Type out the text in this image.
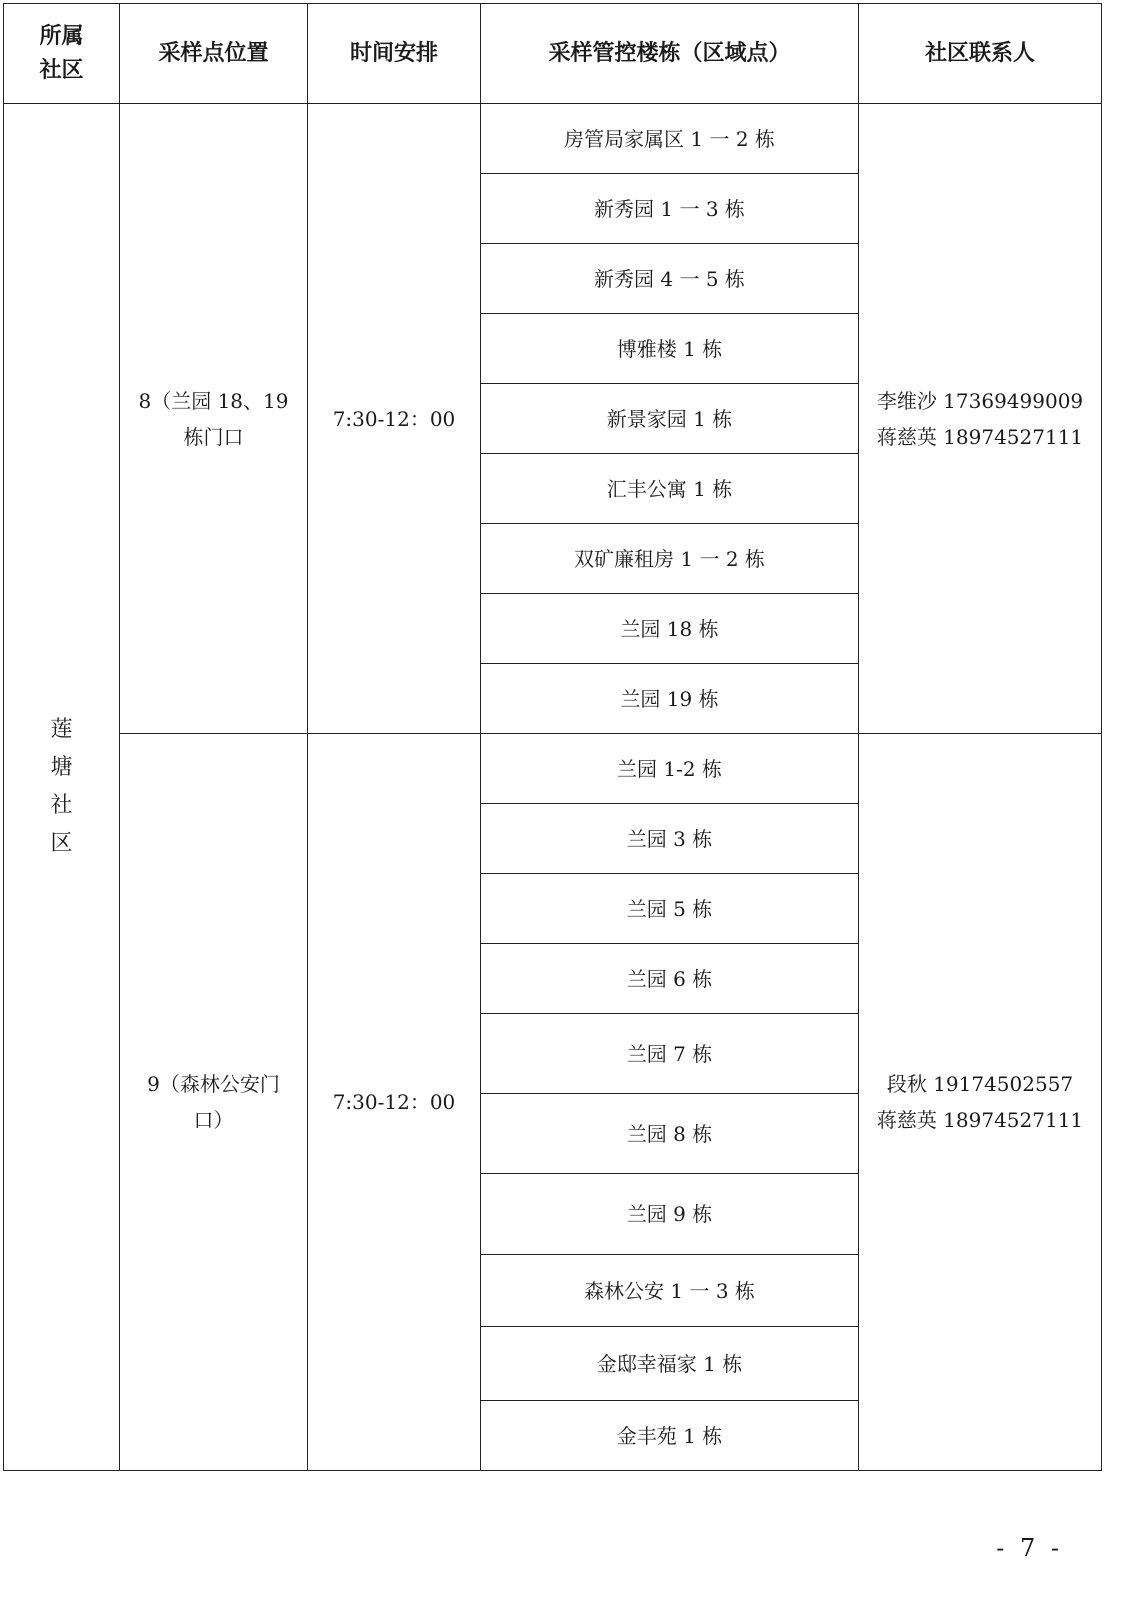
所属社区	采样点位置	时间安排	采样管控楼栋（区域点）	社区联系人
莲塘社区	8（兰园 18、19 栋门口	7:30-12：00	房管局家属区 1 一 2 栋	李维沙 17369499009
蒋慈英 18974527111

			新秀园 1 一 3 栋	
			新秀园 4 一 5 栋	
			博雅楼 1 栋	
			新景家园 1 栋	
			汇丰公寓 1 栋	
			双矿廉租房 1 一 2 栋	
			兰园 18 栋	
			兰园 19 栋	
	9（森林公安门口）	7:30-12：00	兰园 1-2 栋	段秋 19174502557
蒋慈英 18974527111

			兰园 3 栋	
			兰园 5 栋	
			兰园 6 栋	
			兰园 7 栋	
			兰园 8 栋	
			兰园 9 栋	
			森林公安 1 一 3 栋	
			金邸幸福家 1 栋	
			金丰苑 1 栋	
- 7 -
